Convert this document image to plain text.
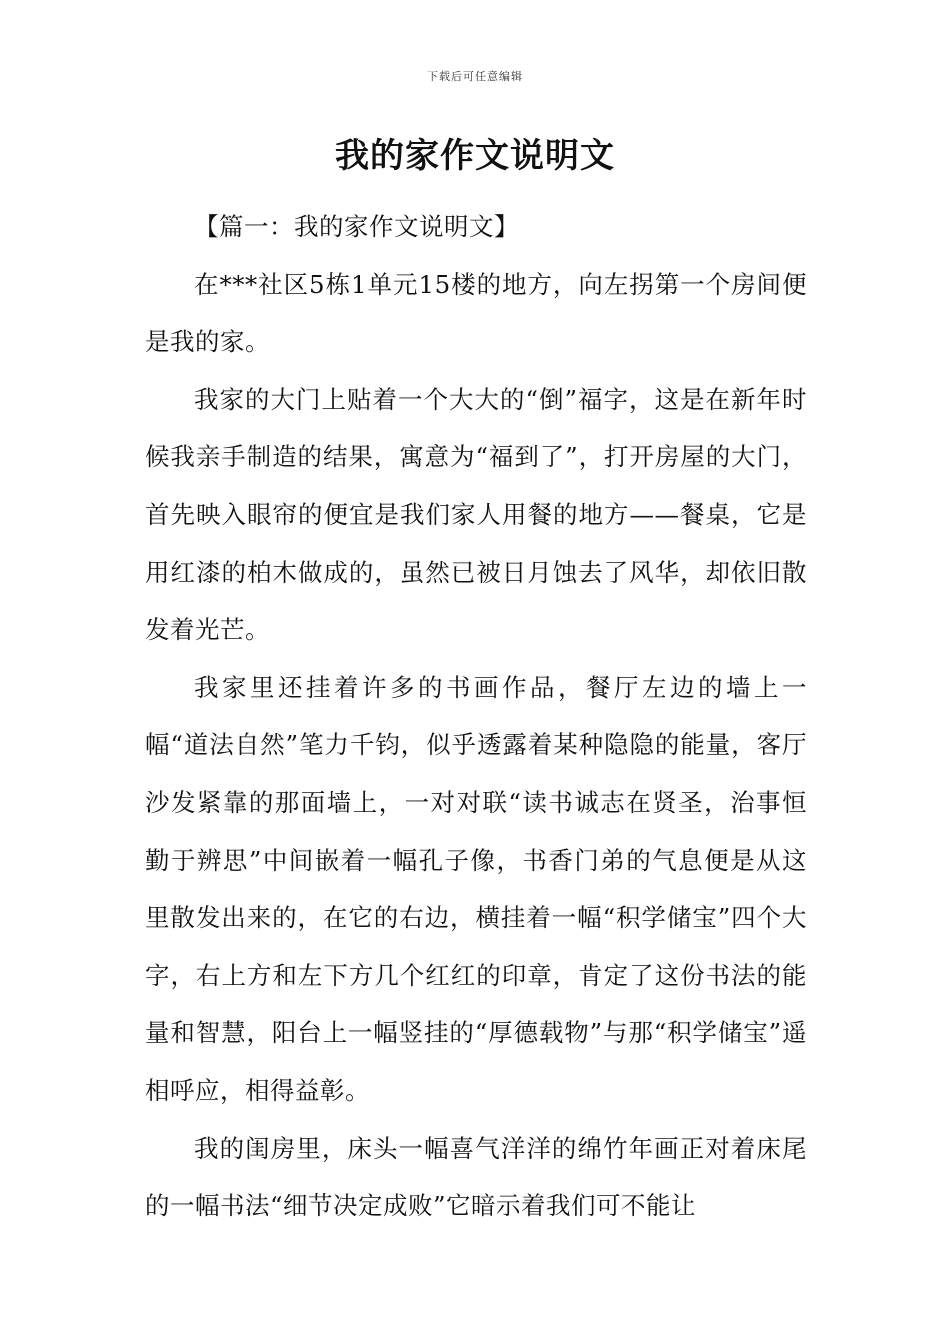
下载后可任意编辑
我的家作文说明文

【篇一：我的家作文说明文】

在***社区5栋1单元15楼的地方，向左拐第一个房间便是我的家。

我家的大门上贴着一个大大的“倒”福字，这是在新年时候我亲手制造的结果，寓意为“福到了”，打开房屋的大门，首先映入眼帘的便宜是我们家人用餐的地方——餐桌，它是用红漆的柏木做成的，虽然已被日月蚀去了风华，却依旧散发着光芒。

我家里还挂着许多的书画作品，餐厅左边的墙上一幅“道法自然”笔力千钧，似乎透露着某种隐隐的能量，客厅沙发紧靠的那面墙上，一对对联“读书诚志在贤圣，治事恒勤于辨思”中间嵌着一幅孔子像，书香门弟的气息便是从这里散发出来的，在它的右边，横挂着一幅“积学储宝”四个大字，右上方和左下方几个红红的印章，肯定了这份书法的能量和智慧，阳台上一幅竖挂的“厚德载物”与那“积学储宝”遥相呼应，相得益彰。

我的闺房里，床头一幅喜气洋洋的绵竹年画正对着床尾的一幅书法“细节决定成败”它暗示着我们可不能让
